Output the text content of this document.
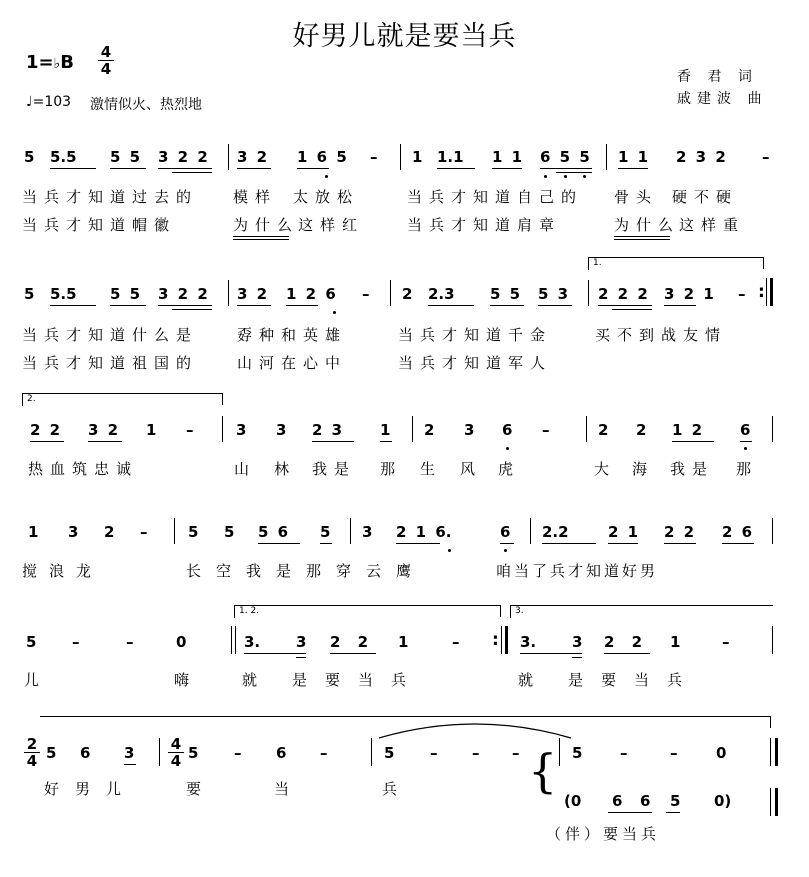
好男儿就是要当兵
1=♭B 4
4
♩=103 激情似火、热烈地
香 君 词
戚建波 曲
5 5.5 5 5 3 2 2 3 2 1 6 5 – 1 1.1 1 1 6 5 5 1 1 2 3 2 –
当兵才知道过去的 模样 太放松	当兵才知道自己的 骨头 硬不硬
当兵才知道帽徽	为什么
这样红	当兵才知道肩章	为什么
这样重
1.
5 5.5 5 5 3 2 2 3 2 1 2 6 – 2 2.3 5 5 5 3 2 2 2 3 2 1 – :
当兵才知道什么是	孬种和英雄	当兵才知道千金	买不到战友情
当兵才知道祖国的	山河在心中	当兵才知道军人
2.
2 2 3 2 1 –	3 3 2 3	1 2 3 6 –	2 2 1 2	6
热血筑忠诚	山 林 我是 那 生 风 虎	大 海 我是 那
1 3 2 –	5 5 5 6 5 3 2 1 6.	6 2.2	2 1 2 2 2 6
搅浪龙	长空我是那穿云鹰	咱当了兵才知道好男
1. 2.	3.
5 –	–	0	3. 3 2 2 1	– : 3. 3 2 2 1	–
儿	嗨	就 是要当兵	就 是要当兵
2
4 5 6 3 4
4 5 – 6 –	5 – – –	5	–	–	0
{
(0 6 6 5 0)
好男儿	要	当	兵
（伴）要当兵
